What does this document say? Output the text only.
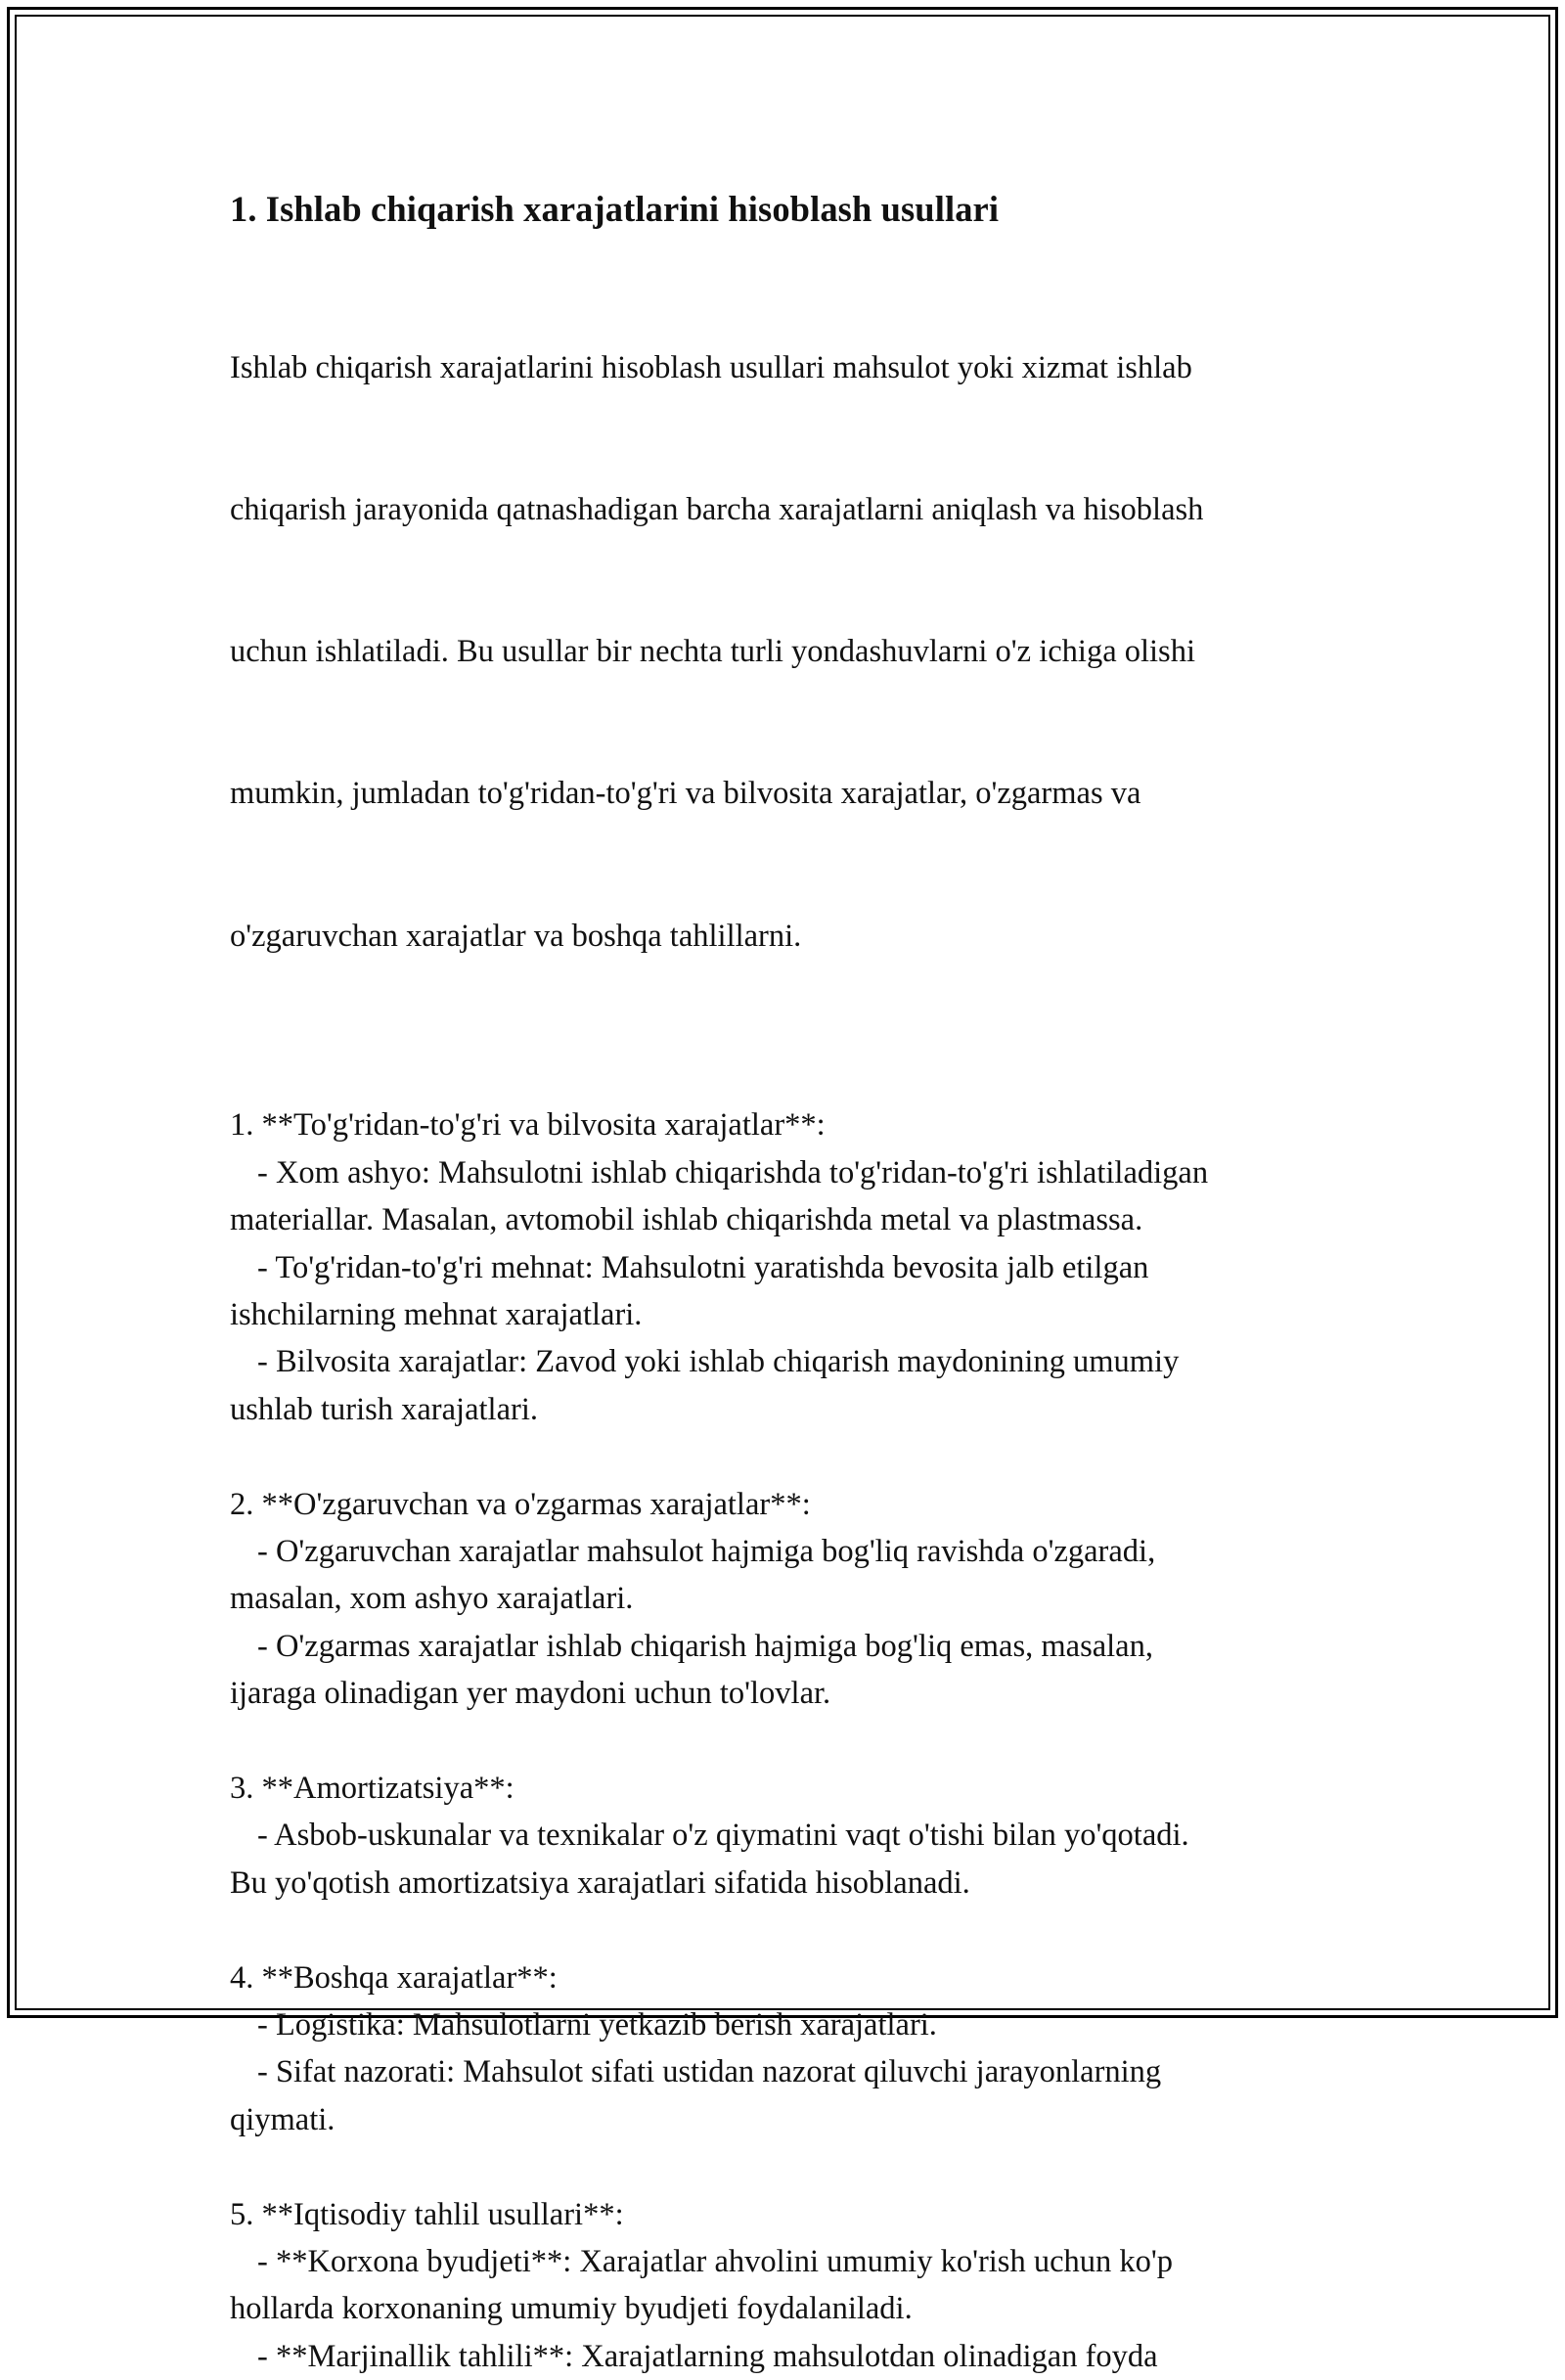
1. Ishlab chiqarish xarajatlarini hisoblash usullari

Ishlab chiqarish xarajatlarini hisoblash usullari mahsulot yoki xizmat ishlab

chiqarish jarayonida qatnashadigan barcha xarajatlarni aniqlash va hisoblash

uchun ishlatiladi. Bu usullar bir nechta turli yondashuvlarni o'z ichiga olishi

mumkin, jumladan to'g'ridan-to'g'ri va bilvosita xarajatlar, o'zgarmas va

o'zgaruvchan xarajatlar va boshqa tahlillarni.

1. **To'g'ridan-to'g'ri va bilvosita xarajatlar**:
- Xom ashyo: Mahsulotni ishlab chiqarishda to'g'ridan-to'g'ri ishlatiladigan
materiallar. Masalan, avtomobil ishlab chiqarishda metal va plastmassa.
- To'g'ridan-to'g'ri mehnat: Mahsulotni yaratishda bevosita jalb etilgan
ishchilarning mehnat xarajatlari.
- Bilvosita xarajatlar: Zavod yoki ishlab chiqarish maydonining umumiy
ushlab turish xarajatlari.

2. **O'zgaruvchan va o'zgarmas xarajatlar**:
- O'zgaruvchan xarajatlar mahsulot hajmiga bog'liq ravishda o'zgaradi,
masalan, xom ashyo xarajatlari.
- O'zgarmas xarajatlar ishlab chiqarish hajmiga bog'liq emas, masalan,
ijaraga olinadigan yer maydoni uchun to'lovlar.

3. **Amortizatsiya**:
- Asbob-uskunalar va texnikalar o'z qiymatini vaqt o'tishi bilan yo'qotadi.
Bu yo'qotish amortizatsiya xarajatlari sifatida hisoblanadi.

4. **Boshqa xarajatlar**:
- Logistika: Mahsulotlarni yetkazib berish xarajatlari.
- Sifat nazorati: Mahsulot sifati ustidan nazorat qiluvchi jarayonlarning
qiymati.

5. **Iqtisodiy tahlil usullari**:
- **Korxona byudjeti**: Xarajatlar ahvolini umumiy ko'rish uchun ko'p
hollarda korxonaning umumiy byudjeti foydalaniladi.
- **Marjinallik tahlili**: Xarajatlarning mahsulotdan olinadigan foyda
